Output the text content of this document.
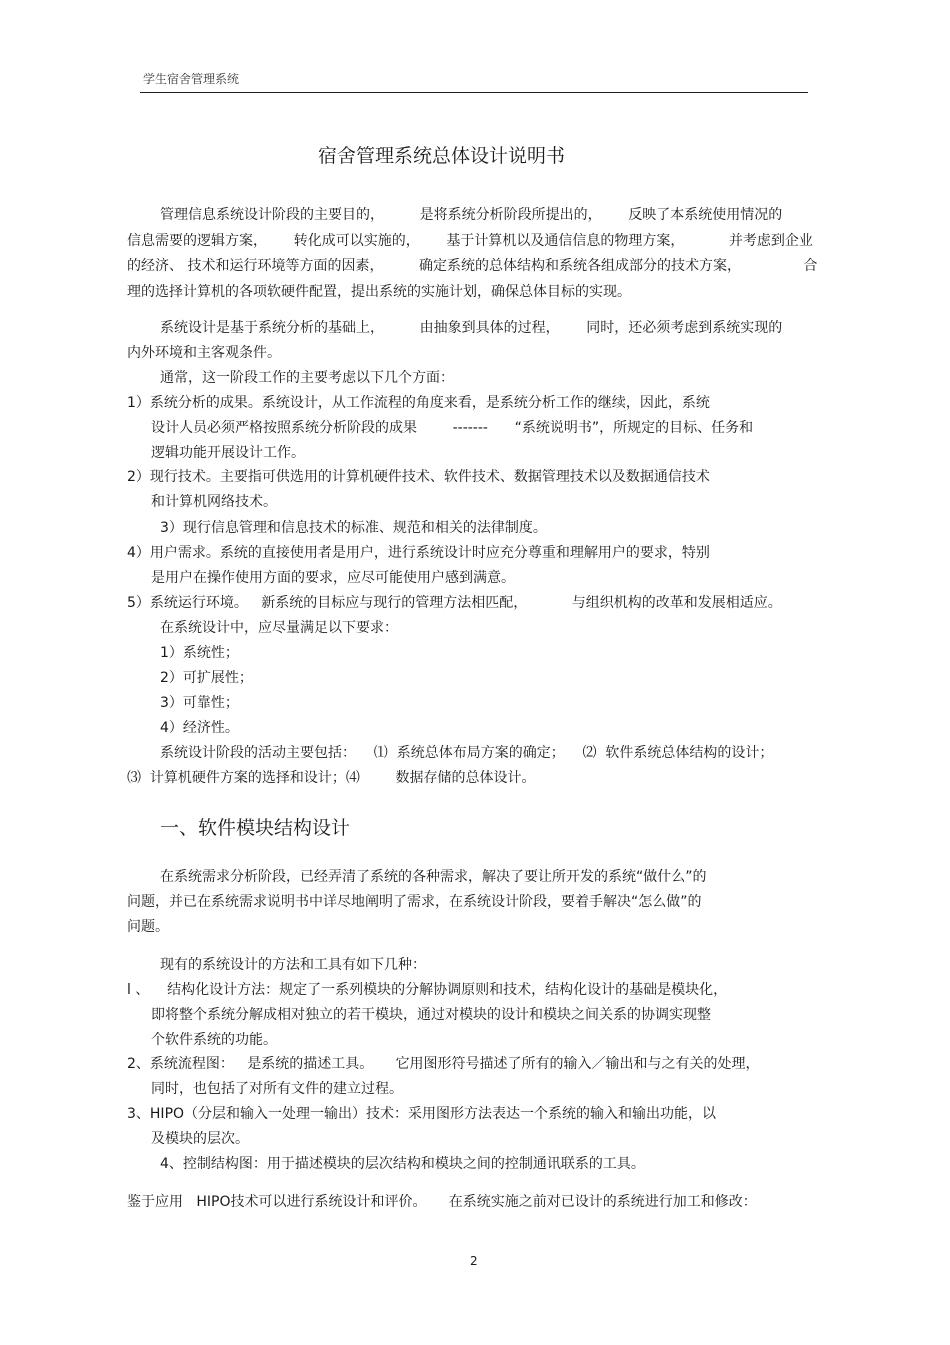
学生宿舍管理系统
宿舍管理系统总体设计说明书
管理信息系统设计阶段的主要目的，        是将系统分析阶段所提出的，      反映了本系统使用情况的
信息需要的逻辑方案，      转化成可以实施的，      基于计算机以及通信信息的物理方案，          并考虑到企业
的经济、 技术和运行环境等方面的因素，        确定系统的总体结构和系统各组成部分的技术方案，              合
理的选择计算机的各项软硬件配置，提出系统的实施计划，确保总体目标的实现。
系统设计是基于系统分析的基础上，        由抽象到具体的过程，      同时，还必须考虑到系统实现的
内外环境和主客观条件。
通常，这一阶段工作的主要考虑以下几个方面：
1）系统分析的成果。系统设计，从工作流程的角度来看，是系统分析工作的继续，因此，系统
设计人员必须严格按照系统分析阶段的成果        -------      “系统说明书”，所规定的目标、任务和
逻辑功能开展设计工作。
2）现行技术。主要指可供选用的计算机硬件技术、软件技术、数据管理技术以及数据通信技术
和计算机网络技术。
3）现行信息管理和信息技术的标准、规范和相关的法律制度。
4）用户需求。系统的直接使用者是用户，进行系统设计时应充分尊重和理解用户的要求，特别
是用户在操作使用方面的要求，应尽可能使用户感到满意。
5）系统运行环境。   新系统的目标应与现行的管理方法相匹配，          与组织机构的改革和发展相适应。
在系统设计中，应尽量满足以下要求：
1）系统性；
2）可扩展性；
3）可靠性；
4）经济性。
系统设计阶段的活动主要包括：    ⑴  系统总体布局方案的确定；    ⑵  软件系统总体结构的设计；
⑶  计算机硬件方案的选择和设计；⑷        数据存储的总体设计。
一、软件模块结构设计
在系统需求分析阶段，已经弄清了系统的各种需求，解决了要让所开发的系统“做什么”的
问题，并已在系统需求说明书中详尽地阐明了需求，在系统设计阶段，要着手解决“怎么做”的
问题。
现有的系统设计的方法和工具有如下几种：
l 、    结构化设计方法：规定了一系列模块的分解协调原则和技术，结构化设计的基础是模块化，
即将整个系统分解成相对独立的若干模块，通过对模块的设计和模块之间关系的协调实现整
个软件系统的功能。
2、系统流程图：   是系统的描述工具。     它用图形符号描述了所有的输入／输出和与之有关的处理，
同时，也包括了对所有文件的建立过程。
3、HIPO（分层和输入一处理一输出）技术：采用图形方法表达一个系统的输入和输出功能，以
及模块的层次。
4、控制结构图：用于描述模块的层次结构和模块之间的控制通讯联系的工具。
鉴于应用   HIPO技术可以进行系统设计和评价。     在系统实施之前对已设计的系统进行加工和修改：
2
